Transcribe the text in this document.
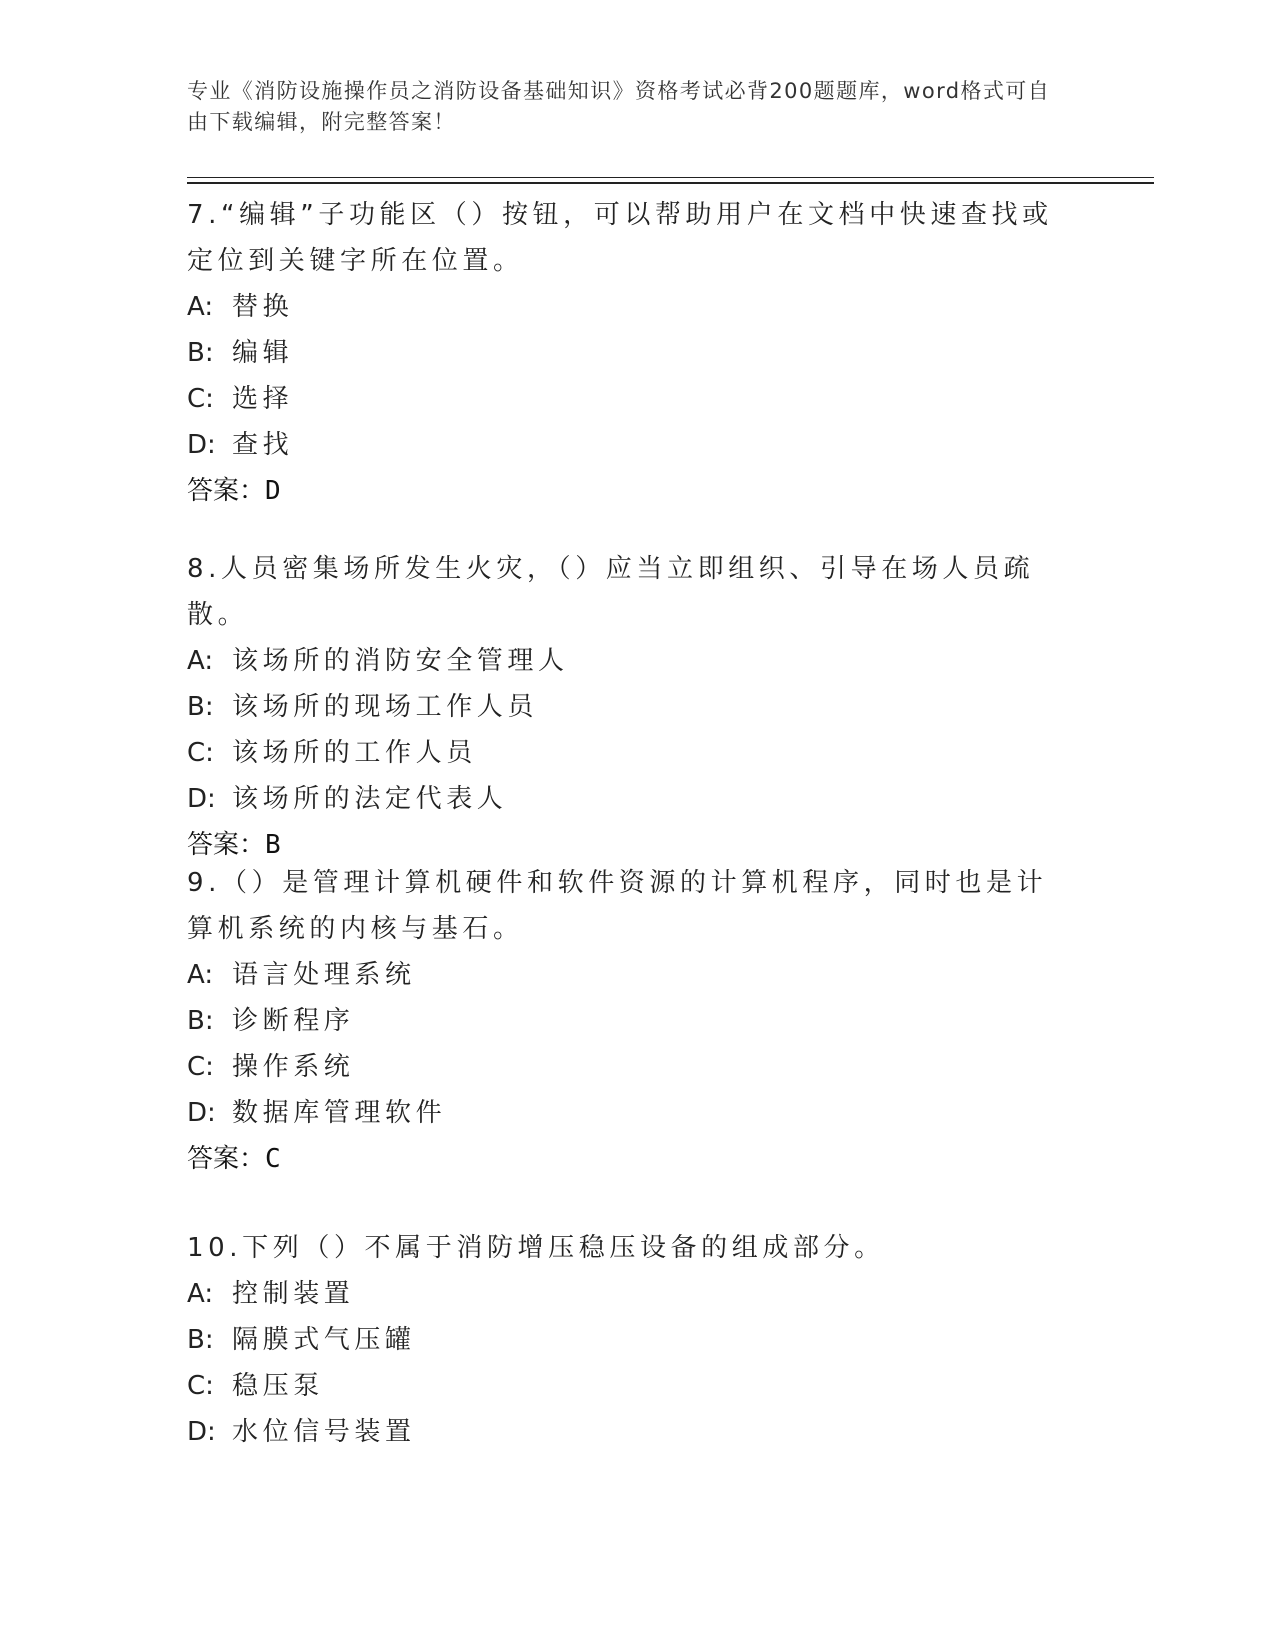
专业《消防设施操作员之消防设备基础知识》资格考试必背200题题库，word格式可自由下载编辑，附完整答案！

7.“编辑”子功能区（）按钮，可以帮助用户在文档中快速查找或定位到关键字所在位置。

A: 替换
B: 编辑
C: 选择
D: 查找
答案：D

8.人员密集场所发生火灾，（）应当立即组织、引导在场人员疏散。

A: 该场所的消防安全管理人
B: 该场所的现场工作人员
C: 该场所的工作人员
D: 该场所的法定代表人
答案：B

9.（）是管理计算机硬件和软件资源的计算机程序，同时也是计算机系统的内核与基石。

A: 语言处理系统
B: 诊断程序
C: 操作系统
D: 数据库管理软件
答案：C

10.下列（）不属于消防增压稳压设备的组成部分。

A: 控制装置
B: 隔膜式气压罐
C: 稳压泵
D: 水位信号装置
